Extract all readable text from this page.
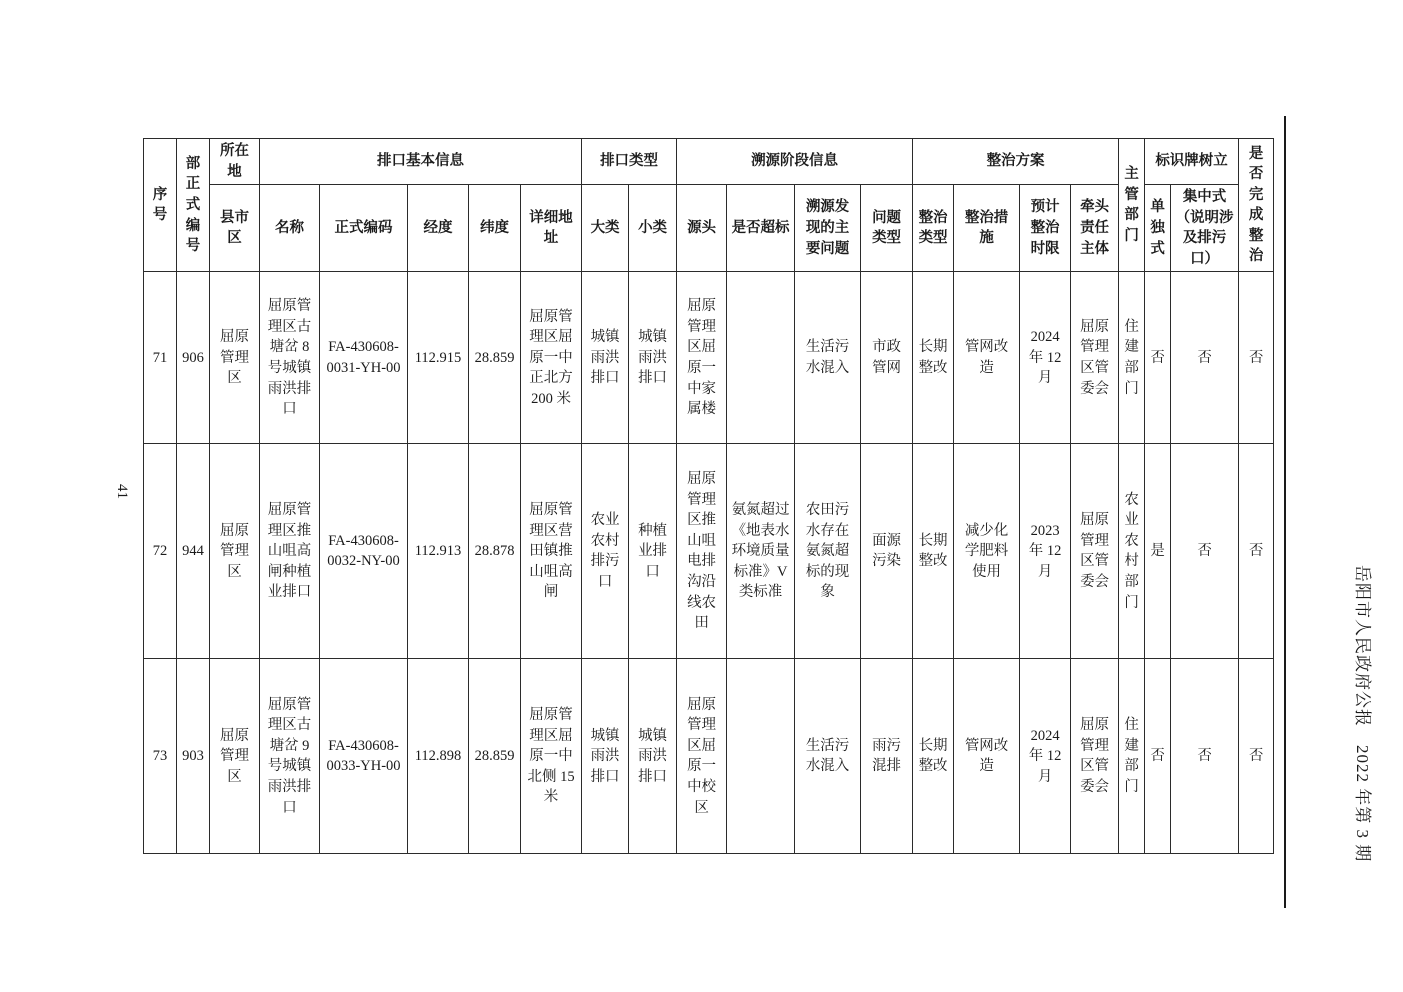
41
序号	部正式编号	所在地	排口基本信息					排口类型		溯源阶段信息				整治方案				主管部门	标识牌树立		是否完成整治
		县市区	名称	正式编码	经度	纬度	详细地址	大类	小类	源头	是否超标	溯源发现的主要问题	问题类型	整治类型	整治措施	预计整治时限	牵头责任主体		单独式	集中式（说明涉及排污口）	
71	906	屈原管理区	屈原管理区古塘岔 8 号城镇雨洪排口	FA-430608-0031-YH-00	112.915	28.859	屈原管理区屈原一中正北方 200 米	城镇雨洪排口	城镇雨洪排口	屈原管理区屈原一中家属楼		生活污水混入	市政管网	长期整改	管网改造	2024 年 12 月	屈原管理区管委会	住建部门	否	否	否
72	944	屈原管理区	屈原管理区推山咀高闸种植业排口	FA-430608-0032-NY-00	112.913	28.878	屈原管理区营田镇推山咀高闸	农业农村排污口	种植业排口	屈原管理区推山咀电排沟沿线农田	氨氮超过《地表水环境质量标准》V类标准	农田污水存在氨氮超标的现象	面源污染	长期整改	减少化学肥料使用	2023 年 12 月	屈原管理区管委会	农业农村部门	是	否	否
73	903	屈原管理区	屈原管理区古塘岔 9 号城镇雨洪排口	FA-430608-0033-YH-00	112.898	28.859	屈原管理区屈原一中北侧 15 米	城镇雨洪排口	城镇雨洪排口	屈原管理区屈原一中校区		生活污水混入	雨污混排	长期整改	管网改造	2024 年 12 月	屈原管理区管委会	住建部门	否	否	否	岳阳市人民政府公报　2022 年第 3 期
